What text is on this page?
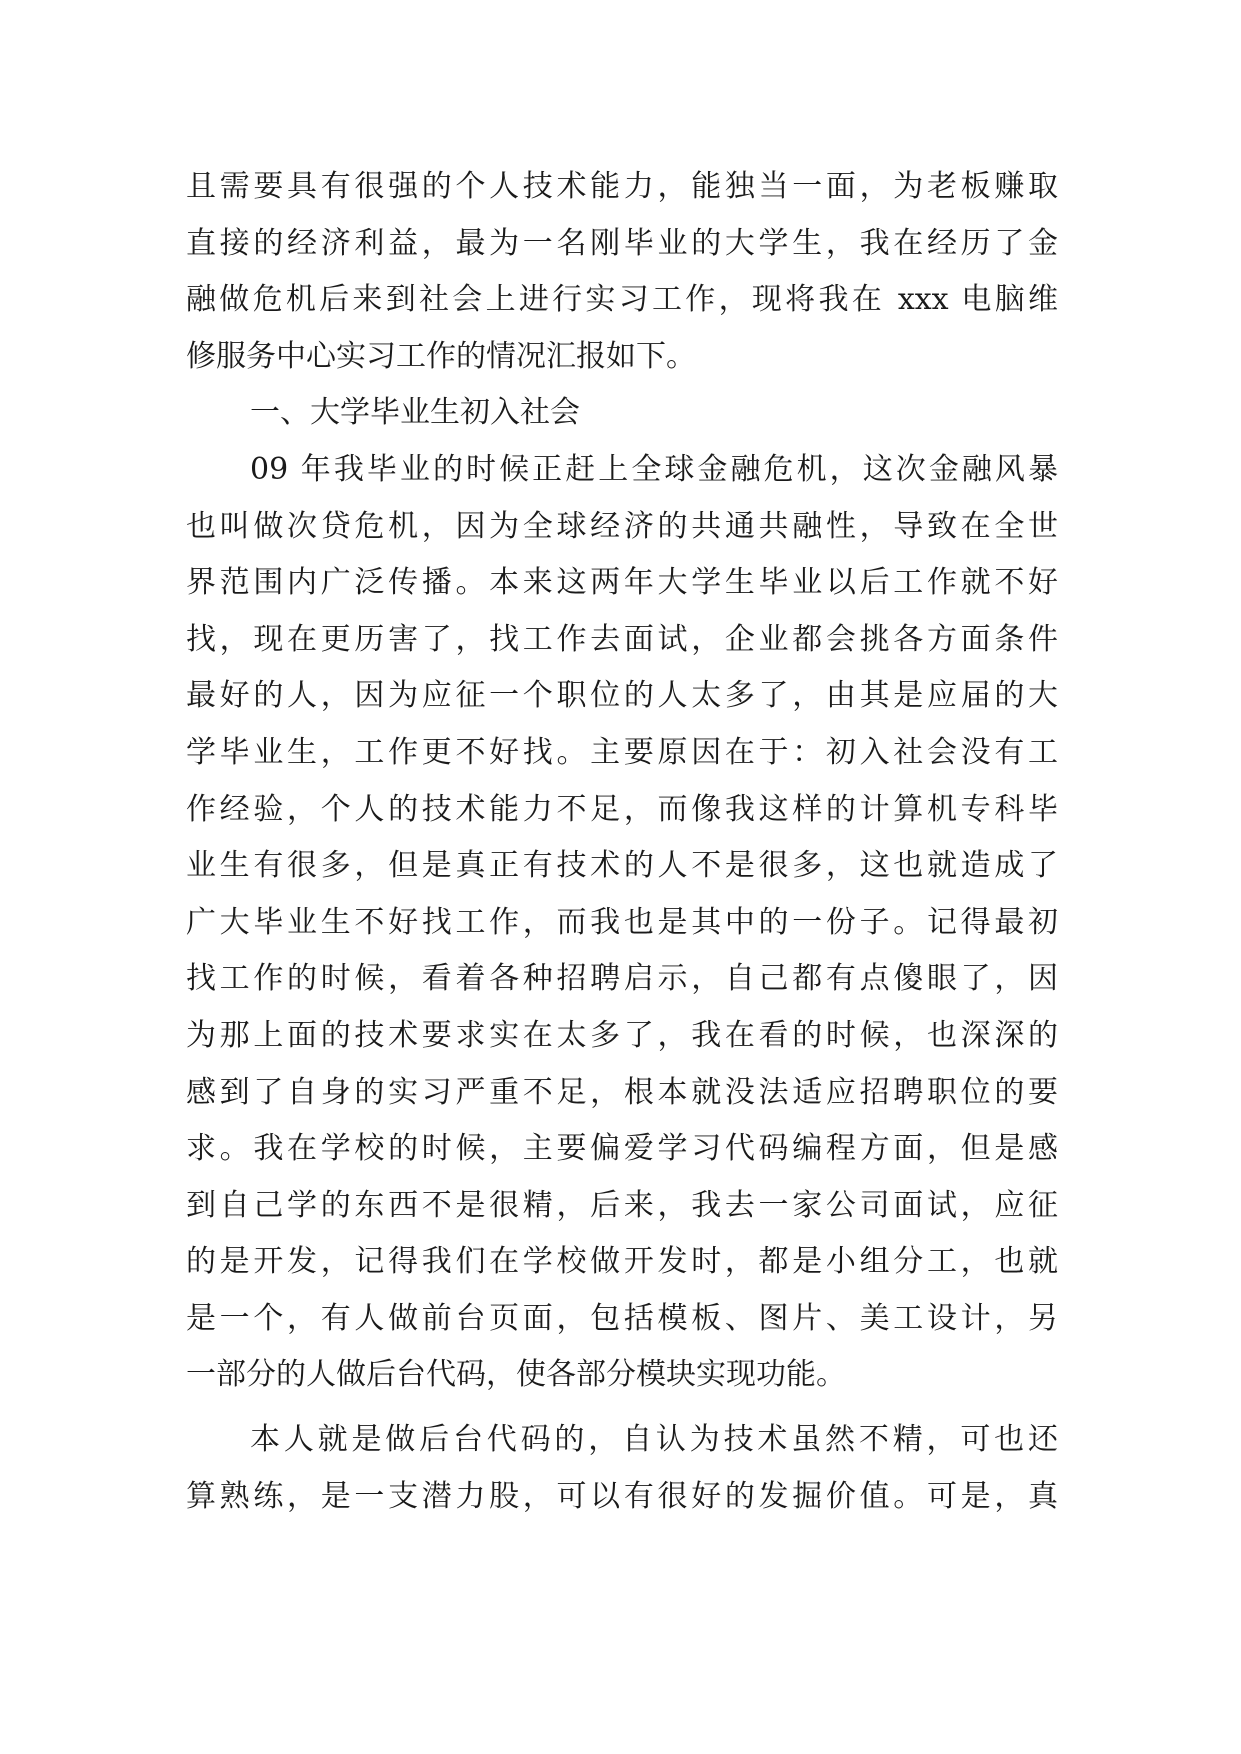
且需要具有很强的个人技术能力，能独当一面，为老板赚取
直接的经济利益，最为一名刚毕业的大学生，我在经历了金
融做危机后来到社会上进行实习工作，现将我在 xxx 电脑维
修服务中心实习工作的情况汇报如下。
一、大学毕业生初入社会
09 年我毕业的时候正赶上全球金融危机，这次金融风暴
也叫做次贷危机，因为全球经济的共通共融性，导致在全世
界范围内广泛传播。本来这两年大学生毕业以后工作就不好
找，现在更历害了，找工作去面试，企业都会挑各方面条件
最好的人，因为应征一个职位的人太多了，由其是应届的大
学毕业生，工作更不好找。主要原因在于：初入社会没有工
作经验，个人的技术能力不足，而像我这样的计算机专科毕
业生有很多，但是真正有技术的人不是很多，这也就造成了
广大毕业生不好找工作，而我也是其中的一份子。记得最初
找工作的时候，看着各种招聘启示，自己都有点傻眼了，因
为那上面的技术要求实在太多了，我在看的时候，也深深的
感到了自身的实习严重不足，根本就没法适应招聘职位的要
求。我在学校的时候，主要偏爱学习代码编程方面，但是感
到自己学的东西不是很精，后来，我去一家公司面试，应征
的是开发，记得我们在学校做开发时，都是小组分工，也就
是一个，有人做前台页面，包括模板、图片、美工设计，另
一部分的人做后台代码，使各部分模块实现功能。
本人就是做后台代码的，自认为技术虽然不精，可也还
算熟练，是一支潜力股，可以有很好的发掘价值。可是，真
